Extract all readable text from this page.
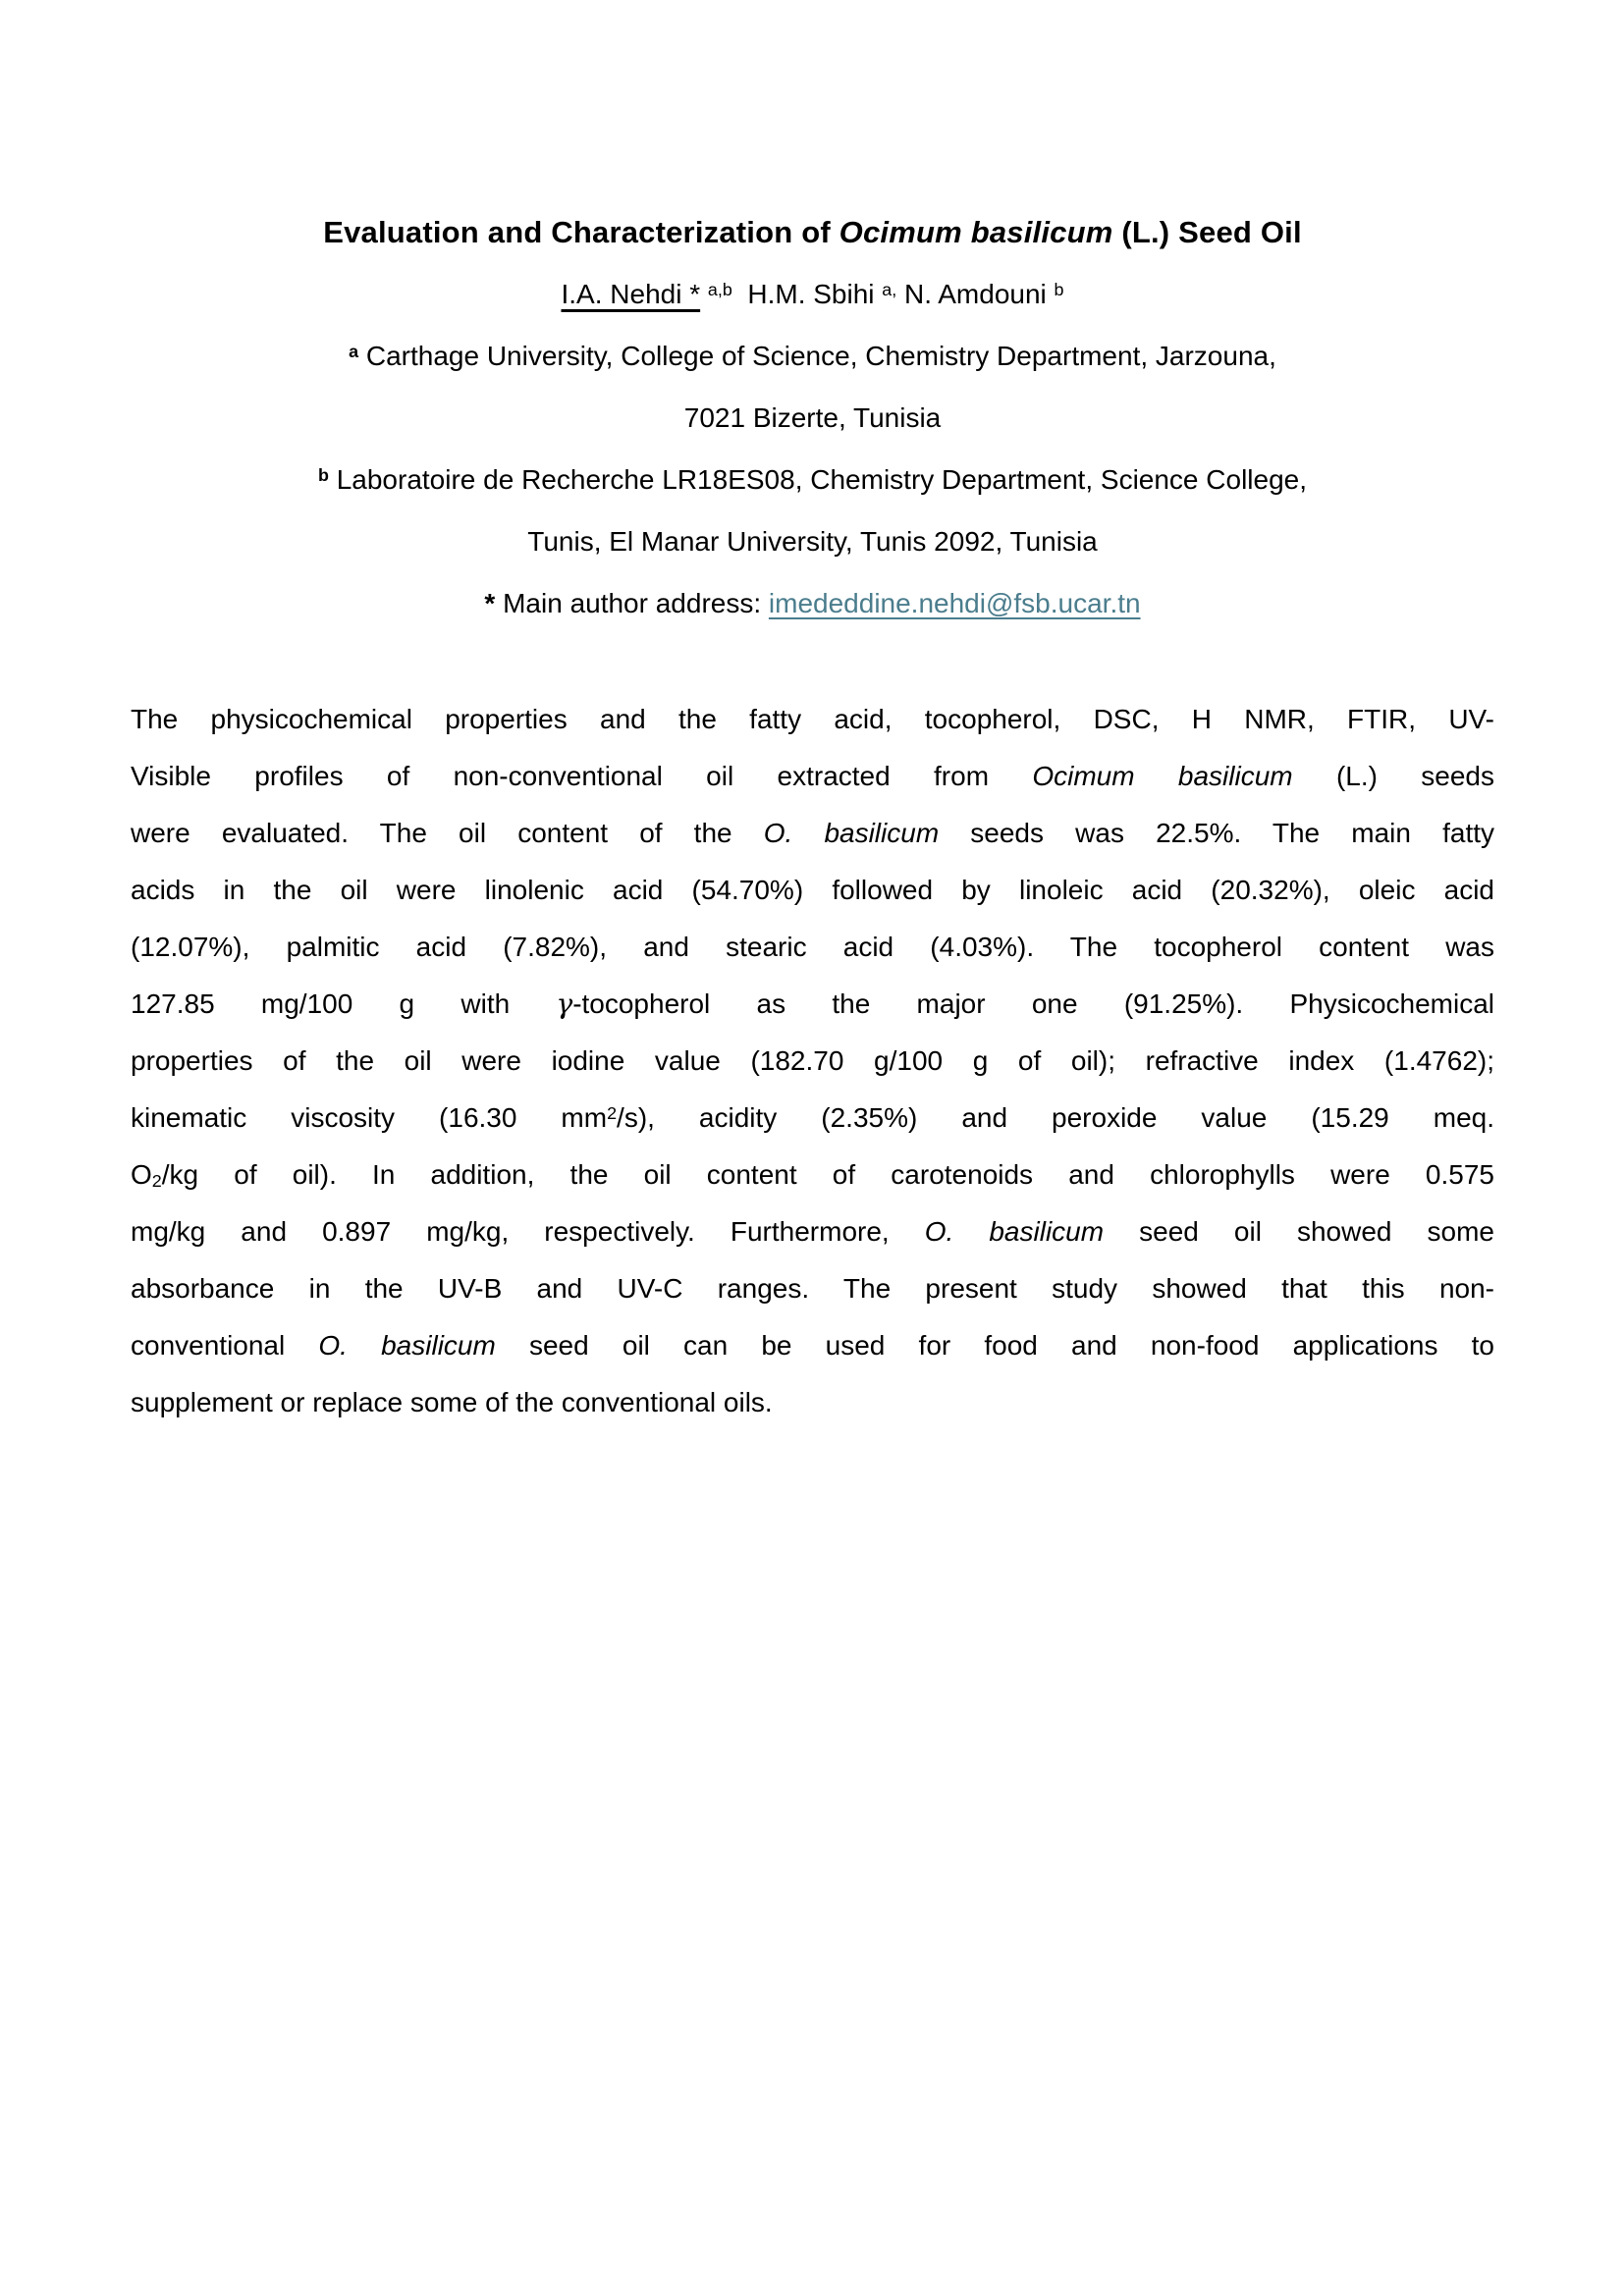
Evaluation and Characterization of Ocimum basilicum (L.) Seed Oil
I.A. Nehdi * $^{a,b}$  H.M. Sbihi $^{a,}$ N. Amdouni $^b$
$^a$ Carthage University, College of Science, Chemistry Department, Jarzouna,
7021 Bizerte, Tunisia
$^b$ Laboratoire de Recherche LR18ES08, Chemistry Department, Science College,
Tunis, El Manar University, Tunis 2092, Tunisia
* Main author address: imededdine.nehdi@fsb.ucar.tn
The physicochemical properties and the fatty acid, tocopherol, DSC, H NMR, FTIR, UV-
Visible profiles of non-conventional oil extracted from Ocimum basilicum (L.) seeds
were evaluated. The oil content of the O. basilicum seeds was 22.5%. The main fatty
acids in the oil were linolenic acid (54.70%) followed by linoleic acid (20.32%), oleic acid
(12.07%), palmitic acid (7.82%), and stearic acid (4.03%). The tocopherol content was
127.85 mg/100 g with γ-tocopherol as the major one (91.25%). Physicochemical
properties of the oil were iodine value (182.70 g/100 g of oil); refractive index (1.4762);
kinematic viscosity (16.30 $mm^2/s$), acidity (2.35%) and peroxide value (15.29 meq.
O2/kg of oil). In addition, the oil content of carotenoids and chlorophylls were 0.575
mg/kg and 0.897 mg/kg, respectively. Furthermore, O. basilicum seed oil showed some
absorbance in the UV-B and UV-C ranges. The present study showed that this non-
conventional O. basilicum seed oil can be used for food and non-food applications to
supplement or replace some of the conventional oils.
